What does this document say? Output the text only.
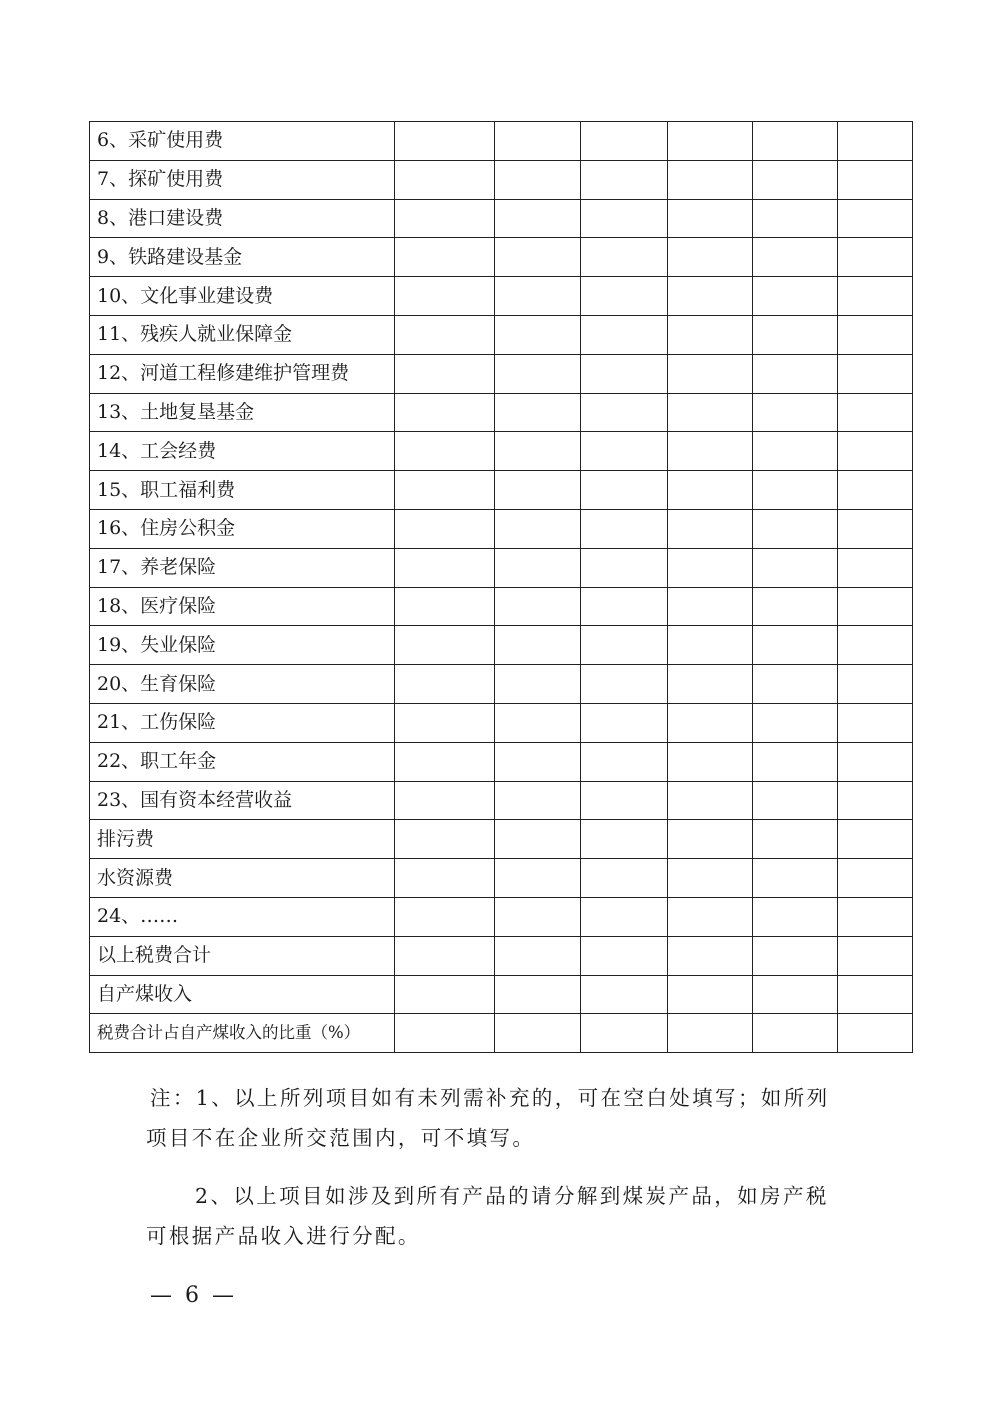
6、采矿使用费						
7、探矿使用费						
8、港口建设费						
9、铁路建设基金						
10、文化事业建设费						
11、残疾人就业保障金						
12、河道工程修建维护管理费						
13、土地复垦基金						
14、工会经费						
15、职工福利费						
16、住房公积金						
17、养老保险						
18、医疗保险						
19、失业保险						
20、生育保险						
21、工伤保险						
22、职工年金						
23、国有资本经营收益						
排污费						
水资源费						
24、……						
以上税费合计						
自产煤收入						
税费合计占自产煤收入的比重（%）						

注：1、以上所列项目如有未列需补充的，可在空白处填写；如所列
项目不在企业所交范围内，可不填写。

2、以上项目如涉及到所有产品的请分解到煤炭产品，如房产税
可根据产品收入进行分配。

— 6 —
